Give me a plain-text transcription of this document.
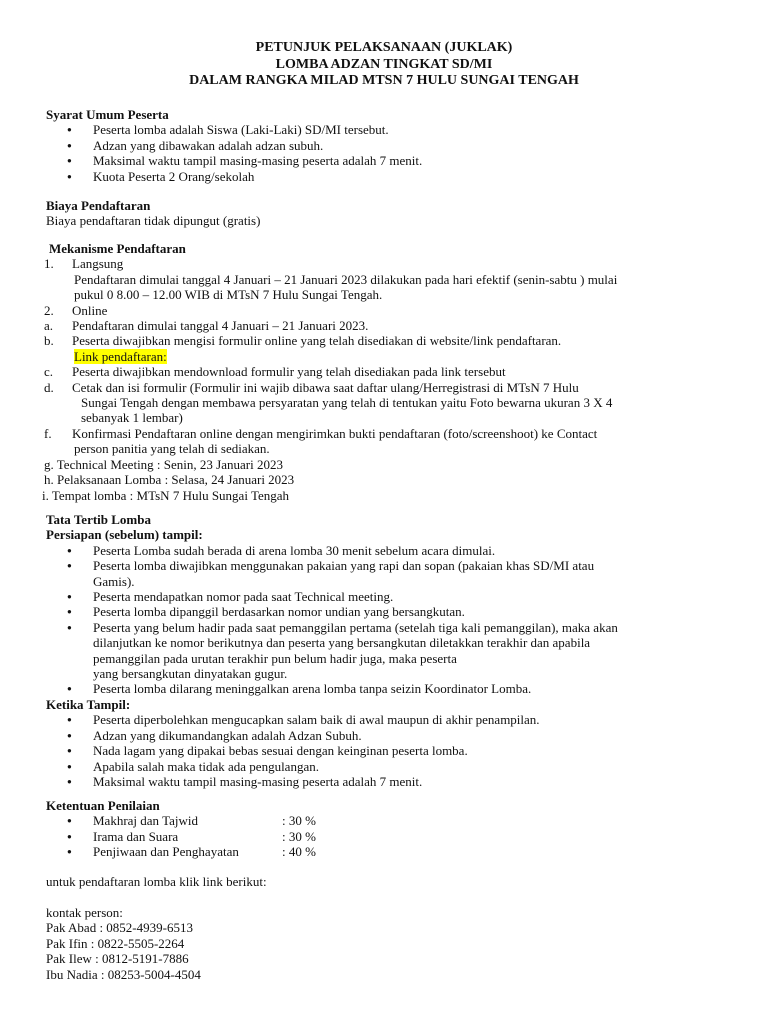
PETUNJUK PELAKSANAAN (JUKLAK)
LOMBA ADZAN TINGKAT SD/MI
DALAM RANGKA MILAD MTSN 7 HULU SUNGAI TENGAH
Syarat Umum Peserta
● Peserta lomba adalah Siswa (Laki-Laki) SD/MI tersebut.
● Adzan yang dibawakan adalah adzan subuh.
● Maksimal waktu tampil masing-masing peserta adalah 7 menit.
● Kuota Peserta 2 Orang/sekolah
Biaya Pendaftaran
Biaya pendaftaran tidak dipungut (gratis)
Mekanisme Pendaftaran
1. Langsung
Pendaftaran dimulai tanggal 4 Januari – 21 Januari 2023 dilakukan pada hari efektif (senin-sabtu ) mulai
pukul 0 8.00 – 12.00 WIB di MTsN 7 Hulu Sungai Tengah.
2. Online
a. Pendaftaran dimulai tanggal 4 Januari – 21 Januari 2023.
b. Peserta diwajibkan mengisi formulir online yang telah disediakan di website/link pendaftaran.
Link pendaftaran:
c. Peserta diwajibkan mendownload formulir yang telah disediakan pada link tersebut
d. Cetak dan isi formulir (Formulir ini wajib dibawa saat daftar ulang/Herregistrasi di MTsN 7 Hulu
Sungai Tengah dengan membawa persyaratan yang telah di tentukan yaitu Foto bewarna ukuran 3 X 4
sebanyak 1 lembar)
f. Konfirmasi Pendaftaran online dengan mengirimkan bukti pendaftaran (foto/screenshoot) ke Contact
person panitia yang telah di sediakan.
g. Technical Meeting : Senin, 23 Januari 2023
h. Pelaksanaan Lomba : Selasa, 24 Januari 2023
i. Tempat lomba : MTsN 7 Hulu Sungai Tengah
Tata Tertib Lomba
Persiapan (sebelum) tampil:
● Peserta Lomba sudah berada di arena lomba 30 menit sebelum acara dimulai.
● Peserta lomba diwajibkan menggunakan pakaian yang rapi dan sopan (pakaian khas SD/MI atau
Gamis).
● Peserta mendapatkan nomor pada saat Technical meeting.
● Peserta lomba dipanggil berdasarkan nomor undian yang bersangkutan.
● Peserta yang belum hadir pada saat pemanggilan pertama (setelah tiga kali pemanggilan), maka akan
dilanjutkan ke nomor berikutnya dan peserta yang bersangkutan diletakkan terakhir dan apabila
pemanggilan pada urutan terakhir pun belum hadir juga, maka peserta
yang bersangkutan dinyatakan gugur.
● Peserta lomba dilarang meninggalkan arena lomba tanpa seizin Koordinator Lomba.
Ketika Tampil:
● Peserta diperbolehkan mengucapkan salam baik di awal maupun di akhir penampilan.
● Adzan yang dikumandangkan adalah Adzan Subuh.
● Nada lagam yang dipakai bebas sesuai dengan keinginan peserta lomba.
● Apabila salah maka tidak ada pengulangan.
● Maksimal waktu tampil masing-masing peserta adalah 7 menit.
Ketentuan Penilaian
● Makhraj dan Tajwid	: 30 %
● Irama dan Suara	: 30 %
● Penjiwaan dan Penghayatan	: 40 %
untuk pendaftaran lomba klik link berikut:
kontak person:
Pak Abad : 0852-4939-6513
Pak Ifin : 0822-5505-2264
Pak Ilew : 0812-5191-7886
Ibu Nadia : 08253-5004-4504
